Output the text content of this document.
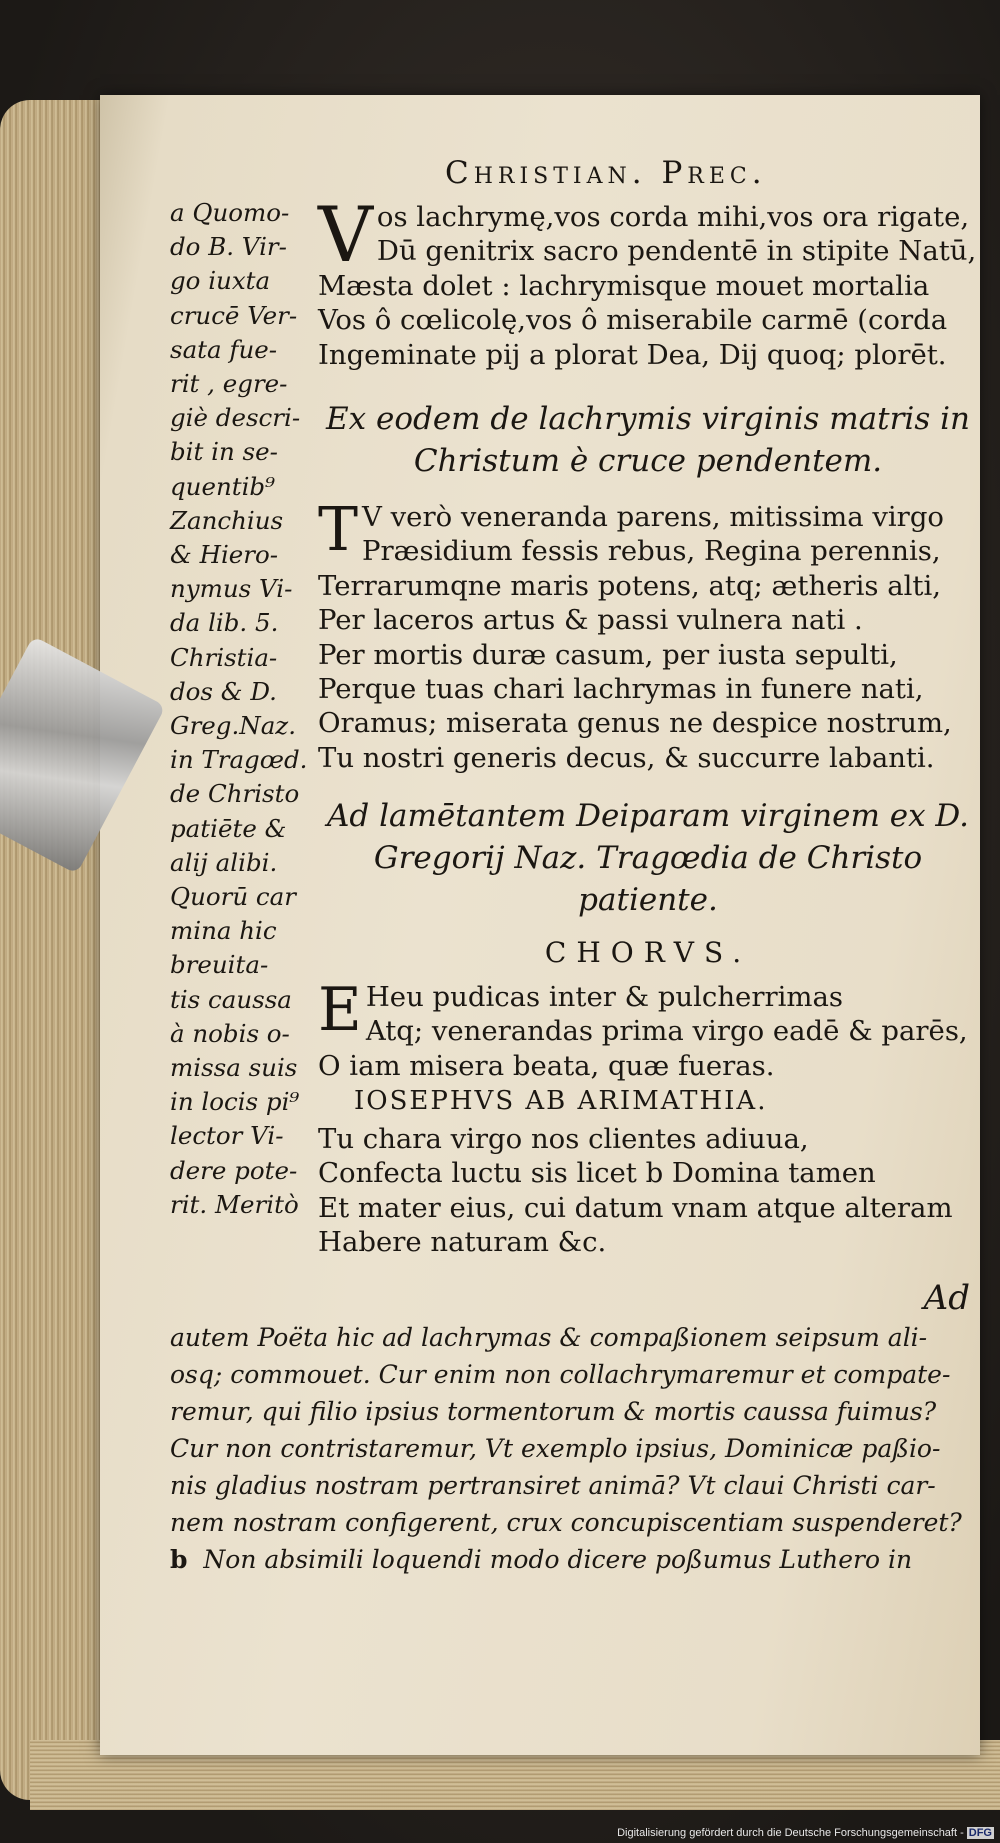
Christian. Prec.
a Quomo-
do B. Vir-
go iuxta
crucē Ver-
sata fue-
rit , egre-
giè descri-
bit in se-
quentib⁹
Zanchius
& Hiero-
nymus Vi-
da lib. 5.
Christia-
dos & D.
Greg.Naz.
in Tragœd.
de Christo
patiēte &
alij alibi.
Quorū car
mina hic
breuita-
tis caussa
à nobis o-
missa suis
in locis pi⁹
lector Vi-
dere pote-
rit. Meritò
V os lachrymę,vos corda mihi,vos ora rigate,
Dū genitrix sacro pendentē in stipite Natū,
Mæsta dolet : lachrymisque mouet mortalia
Vos ô cœlicolę,vos ô miserabile carmē (corda
Ingeminate pij a plorat Dea, Dij quoq; plorēt.
Ex eodem de lachrymis virginis matris in
Christum è cruce pendentem.
T V verò veneranda parens, mitissima virgo
Præsidium fessis rebus, Regina perennis,
Terrarumqne maris potens, atq; ætheris alti,
Per laceros artus & passi vulnera nati .
Per mortis duræ casum, per iusta sepulti,
Perque tuas chari lachrymas in funere nati,
Oramus; miserata genus ne despice nostrum,
Tu nostri generis decus, & succurre labanti.
Ad lamētantem Deiparam virginem ex D.
Gregorij Naz. Tragœdia de Christo
patiente.
CHORVS.
E Heu pudicas inter & pulcherrimas
Atq; venerandas prima virgo eadē & parēs,
O iam misera beata, quæ fueras.
IOSEPHVS AB ARIMATHIA.
Tu chara virgo nos clientes adiuua,
Confecta luctu sis licet b Domina tamen
Et mater eius, cui datum vnam atque alteram
Habere naturam &c.
Ad
autem Poëta hic ad lachrymas & compaßionem seipsum ali-
osq; commouet. Cur enim non collachrymaremur et compate-
remur, qui filio ipsius tormentorum & mortis caussa fuimus?
Cur non contristaremur, Vt exemplo ipsius, Dominicæ paßio-
nis gladius nostram pertransiret animā? Vt claui Christi car-
nem nostram configerent, crux concupiscentiam suspenderet?
b Non absimili loquendi modo dicere poßumus Luthero in
Digitalisierung gefördert durch die Deutsche Forschungsgemeinschaft - DFG
